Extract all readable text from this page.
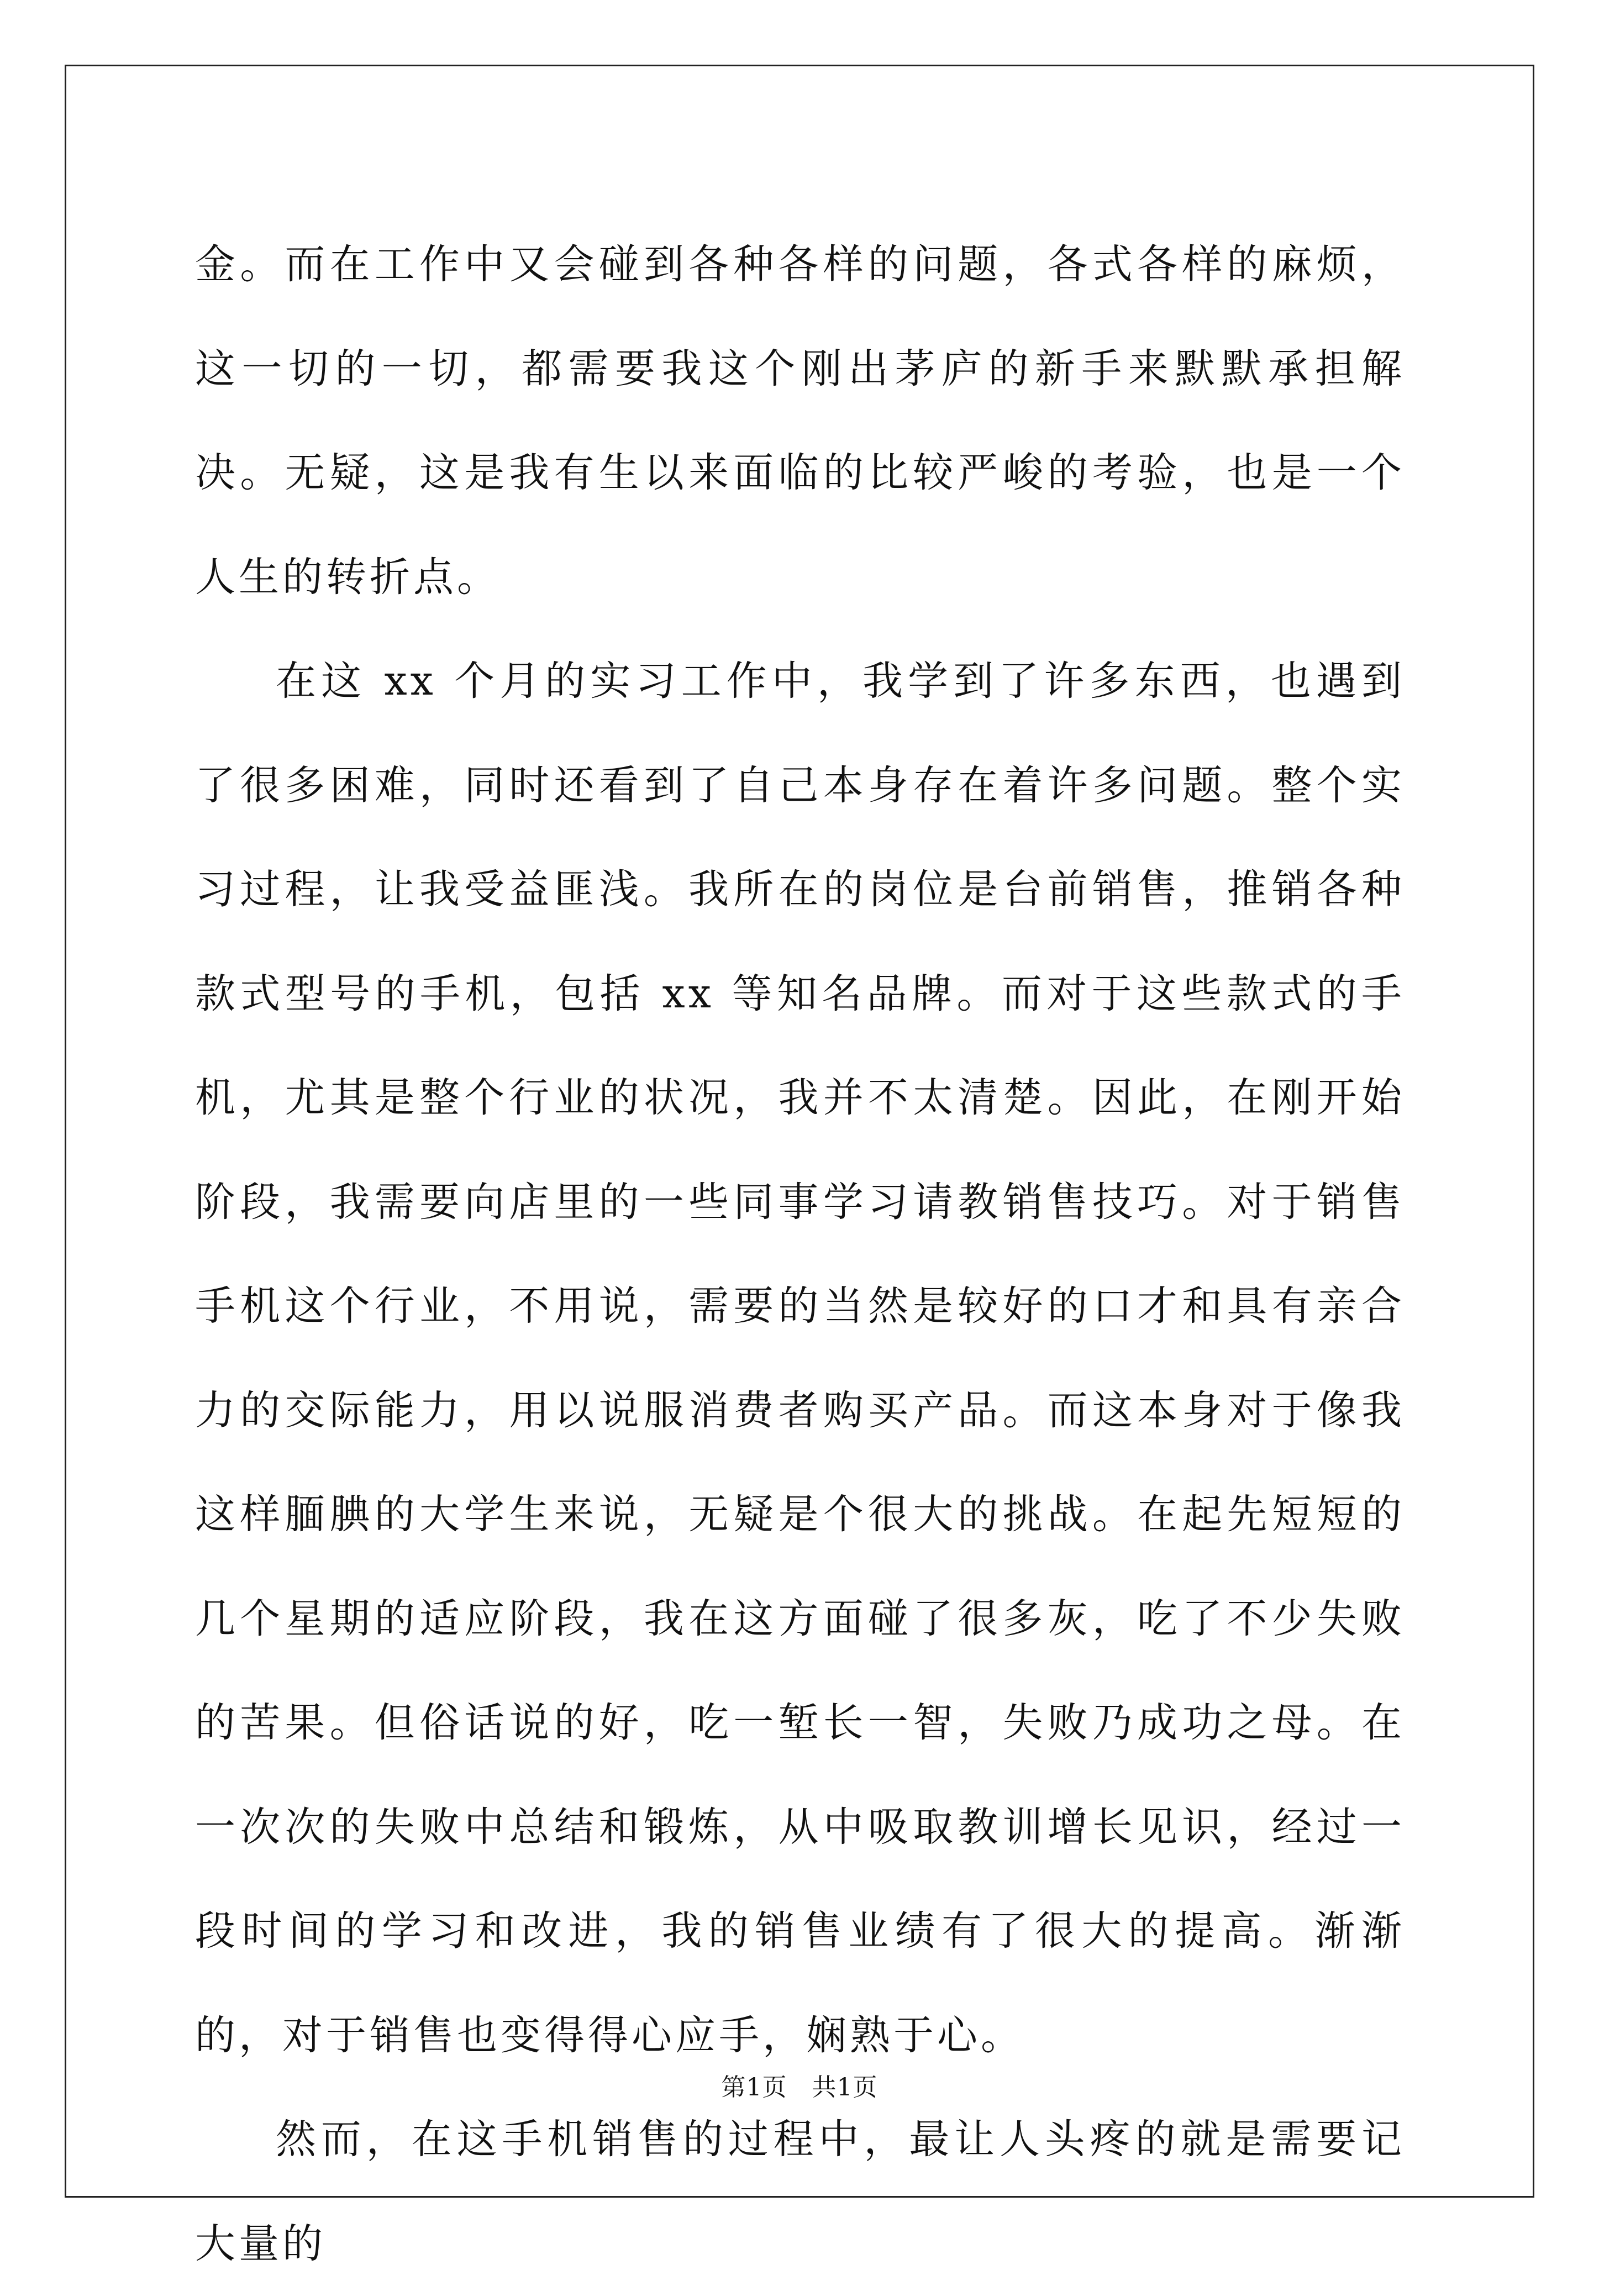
金。而在工作中又会碰到各种各样的问题，各式各样的麻烦，这一切的一切，都需要我这个刚出茅庐的新手来默默承担解决。无疑，这是我有生以来面临的比较严峻的考验，也是一个人生的转折点。

在这 xx 个月的实习工作中，我学到了许多东西，也遇到了很多困难，同时还看到了自己本身存在着许多问题。整个实习过程，让我受益匪浅。我所在的岗位是台前销售，推销各种款式型号的手机，包括 xx 等知名品牌。而对于这些款式的手机，尤其是整个行业的状况，我并不太清楚。因此，在刚开始阶段，我需要向店里的一些同事学习请教销售技巧。对于销售手机这个行业，不用说，需要的当然是较好的口才和具有亲合力的交际能力，用以说服消费者购买产品。而这本身对于像我这样腼腆的大学生来说，无疑是个很大的挑战。在起先短短的几个星期的适应阶段，我在这方面碰了很多灰，吃了不少失败的苦果。但俗话说的好，吃一堑长一智，失败乃成功之母。在一次次的失败中总结和锻炼，从中吸取教训增长见识，经过一段时间的学习和改进，我的销售业绩有了很大的提高。渐渐的，对于销售也变得得心应手，娴熟于心。

然而，在这手机销售的过程中，最让人头疼的就是需要记大量的

第1页   共1页
